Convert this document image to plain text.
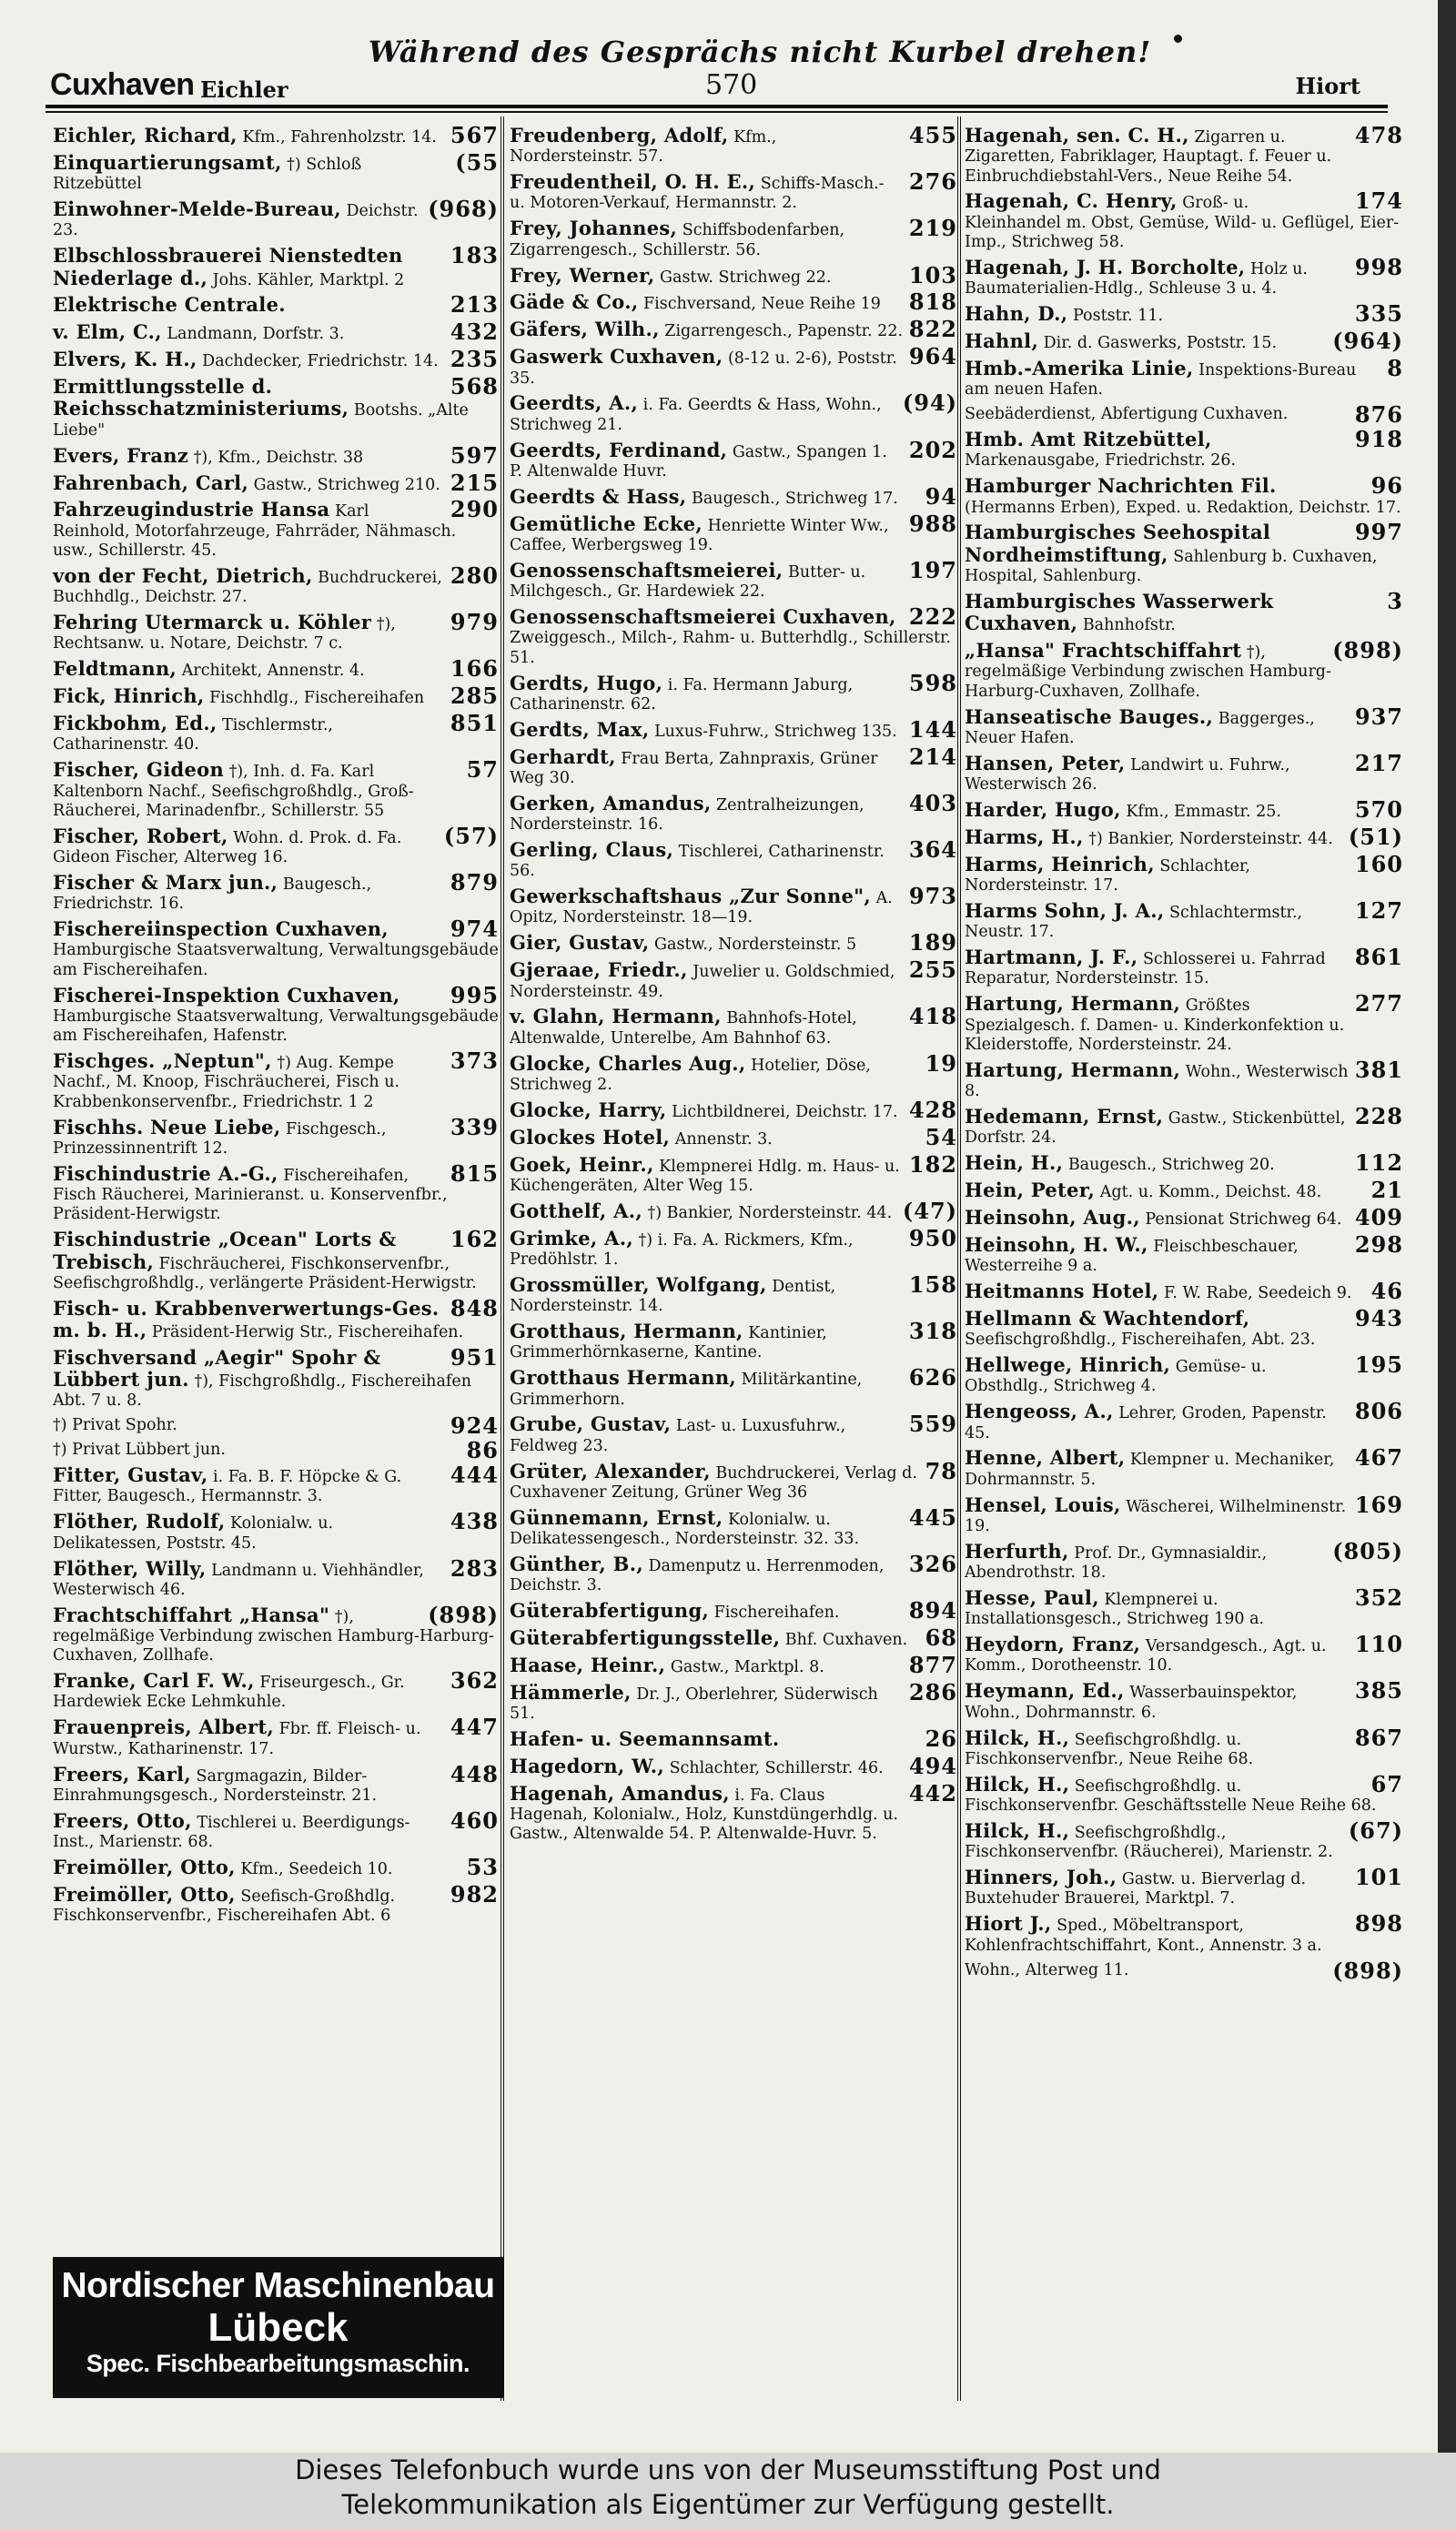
Während des Gesprächs nicht Kurbel drehen!
Cuxhaven Eichler	570	Hiort
567
Eichler, Richard, Kfm., Fahrenholzstr. 14.
(55
Einquartierungsamt, †) Schloß Ritzebüttel
(968)
Einwohner-Melde-Bureau, Deichstr. 23.
183
Elbschlossbrauerei Nienstedten Niederlage d., Johs. Kähler, Marktpl. 2
213
Elektrische Centrale.
432
v. Elm, C., Landmann, Dorfstr. 3.
235
Elvers, K. H., Dachdecker, Friedrichstr. 14.
568
Ermittlungsstelle d. Reichsschatzministeriums, Bootshs. „Alte Liebe"
597
Evers, Franz †), Kfm., Deichstr. 38
215
Fahrenbach, Carl, Gastw., Strichweg 210.
290
Fahrzeugindustrie Hansa Karl Reinhold, Motorfahrzeuge, Fahrräder, Nähmasch. usw., Schillerstr. 45.
280
von der Fecht, Dietrich, Buchdruckerei, Buchhdlg., Deichstr. 27.
979
Fehring Utermarck u. Köhler †), Rechtsanw. u. Notare, Deichstr. 7 c.
166
Feldtmann, Architekt, Annenstr. 4.
285
Fick, Hinrich, Fischhdlg., Fischereihafen
851
Fickbohm, Ed., Tischlermstr., Catharinenstr. 40.
57
Fischer, Gideon †), Inh. d. Fa. Karl Kaltenborn Nachf., Seefischgroßhdlg., Groß-Räucherei, Marinadenfbr., Schillerstr. 55
(57)
Fischer, Robert, Wohn. d. Prok. d. Fa. Gideon Fischer, Alterweg 16.
879
Fischer & Marx jun., Baugesch., Friedrichstr. 16.
974
Fischereiinspection Cuxhaven, Hamburgische Staatsverwaltung, Verwaltungsgebäude am Fischereihafen.
995
Fischerei-Inspektion Cuxhaven, Hamburgische Staatsverwaltung, Verwaltungsgebäude am Fischereihafen, Hafenstr.
373
Fischges. „Neptun", †) Aug. Kempe Nachf., M. Knoop, Fischräucherei, Fisch u. Krabbenkonservenfbr., Friedrichstr. 1 2
339
Fischhs. Neue Liebe, Fischgesch., Prinzessinnentrift 12.
815
Fischindustrie A.-G., Fischereihafen, Fisch Räucherei, Marinieranst. u. Konservenfbr., Präsident-Herwigstr.
162
Fischindustrie „Ocean" Lorts & Trebisch, Fischräucherei, Fischkonservenfbr., Seefischgroßhdlg., verlängerte Präsident-Herwigstr.
848
Fisch- u. Krabbenverwertungs-Ges. m. b. H., Präsident-Herwig Str., Fischereihafen.
951
Fischversand „Aegir" Spohr & Lübbert jun. †), Fischgroßhdlg., Fischereihafen Abt. 7 u. 8.
924
†) Privat Spohr.
86
†) Privat Lübbert jun.
444
Fitter, Gustav, i. Fa. B. F. Höpcke & G. Fitter, Baugesch., Hermannstr. 3.
438
Flöther, Rudolf, Kolonialw. u. Delikatessen, Poststr. 45.
283
Flöther, Willy, Landmann u. Viehhändler, Westerwisch 46.
(898)
Frachtschiffahrt „Hansa" †), regelmäßige Verbindung zwischen Hamburg-Harburg-Cuxhaven, Zollhafe.
362
Franke, Carl F. W., Friseurgesch., Gr. Hardewiek Ecke Lehmkuhle.
447
Frauenpreis, Albert, Fbr. ff. Fleisch- u. Wurstw., Katharinenstr. 17.
448
Freers, Karl, Sargmagazin, Bilder-Einrahmungsgesch., Nordersteinstr. 21.
460
Freers, Otto, Tischlerei u. Beerdigungs-Inst., Marienstr. 68.
53
Freimöller, Otto, Kfm., Seedeich 10.
982
Freimöller, Otto, Seefisch-Großhdlg. Fischkonservenfbr., Fischereihafen Abt. 6
455
Freudenberg, Adolf, Kfm., Nordersteinstr. 57.
276
Freudentheil, O. H. E., Schiffs-Masch.- u. Motoren-Verkauf, Hermannstr. 2.
219
Frey, Johannes, Schiffsbodenfarben, Zigarrengesch., Schillerstr. 56.
103
Frey, Werner, Gastw. Strichweg 22.
818
Gäde & Co., Fischversand, Neue Reihe 19
822
Gäfers, Wilh., Zigarrengesch., Papenstr. 22.
964
Gaswerk Cuxhaven, (8-12 u. 2-6), Poststr. 35.
(94)
Geerdts, A., i. Fa. Geerdts & Hass, Wohn., Strichweg 21.
202
Geerdts, Ferdinand, Gastw., Spangen 1. P. Altenwalde Huvr.
94
Geerdts & Hass, Baugesch., Strichweg 17.
988
Gemütliche Ecke, Henriette Winter Ww., Caffee, Werbergsweg 19.
197
Genossenschaftsmeierei, Butter- u. Milchgesch., Gr. Hardewiek 22.
222
Genossenschaftsmeierei Cuxhaven, Zweiggesch., Milch-, Rahm- u. Butterhdlg., Schillerstr. 51.
598
Gerdts, Hugo, i. Fa. Hermann Jaburg, Catharinenstr. 62.
144
Gerdts, Max, Luxus-Fuhrw., Strichweg 135.
214
Gerhardt, Frau Berta, Zahnpraxis, Grüner Weg 30.
403
Gerken, Amandus, Zentralheizungen, Nordersteinstr. 16.
364
Gerling, Claus, Tischlerei, Catharinenstr. 56.
973
Gewerkschaftshaus „Zur Sonne", A. Opitz, Nordersteinstr. 18—19.
189
Gier, Gustav, Gastw., Nordersteinstr. 5
255
Gjeraae, Friedr., Juwelier u. Goldschmied, Nordersteinstr. 49.
418
v. Glahn, Hermann, Bahnhofs-Hotel, Altenwalde, Unterelbe, Am Bahnhof 63.
19
Glocke, Charles Aug., Hotelier, Döse, Strichweg 2.
428
Glocke, Harry, Lichtbildnerei, Deichstr. 17.
54
Glockes Hotel, Annenstr. 3.
182
Goek, Heinr., Klempnerei Hdlg. m. Haus- u. Küchengeräten, Alter Weg 15.
(47)
Gotthelf, A., †) Bankier, Nordersteinstr. 44.
950
Grimke, A., †) i. Fa. A. Rickmers, Kfm., Predöhlstr. 1.
158
Grossmüller, Wolfgang, Dentist, Nordersteinstr. 14.
318
Grotthaus, Hermann, Kantinier, Grimmerhörnkaserne, Kantine.
626
Grotthaus Hermann, Militärkantine, Grimmerhorn.
559
Grube, Gustav, Last- u. Luxusfuhrw., Feldweg 23.
78
Grüter, Alexander, Buchdruckerei, Verlag d. Cuxhavener Zeitung, Grüner Weg 36
445
Günnemann, Ernst, Kolonialw. u. Delikatessengesch., Nordersteinstr. 32. 33.
326
Günther, B., Damenputz u. Herrenmoden, Deichstr. 3.
894
Güterabfertigung, Fischereihafen.
68
Güterabfertigungsstelle, Bhf. Cuxhaven.
877
Haase, Heinr., Gastw., Marktpl. 8.
286
Hämmerle, Dr. J., Oberlehrer, Süderwisch 51.
26
Hafen- u. Seemannsamt.
494
Hagedorn, W., Schlachter, Schillerstr. 46.
442
Hagenah, Amandus, i. Fa. Claus Hagenah, Kolonialw., Holz, Kunstdüngerhdlg. u. Gastw., Altenwalde 54. P. Altenwalde-Huvr. 5.
478
Hagenah, sen. C. H., Zigarren u. Zigaretten, Fabriklager, Hauptagt. f. Feuer u. Einbruchdiebstahl-Vers., Neue Reihe 54.
174
Hagenah, C. Henry, Groß- u. Kleinhandel m. Obst, Gemüse, Wild- u. Geflügel, Eier-Imp., Strichweg 58.
998
Hagenah, J. H. Borcholte, Holz u. Baumaterialien-Hdlg., Schleuse 3 u. 4.
335
Hahn, D., Poststr. 11.
(964)
Hahnl, Dir. d. Gaswerks, Poststr. 15.
8
Hmb.-Amerika Linie, Inspektions-Bureau am neuen Hafen.
876
Seebäderdienst, Abfertigung Cuxhaven.
918
Hmb. Amt Ritzebüttel, Markenausgabe, Friedrichstr. 26.
96
Hamburger Nachrichten Fil. (Hermanns Erben), Exped. u. Redaktion, Deichstr. 17.
997
Hamburgisches Seehospital Nordheimstiftung, Sahlenburg b. Cuxhaven, Hospital, Sahlenburg.
3
Hamburgisches Wasserwerk Cuxhaven, Bahnhofstr.
(898)
„Hansa" Frachtschiffahrt †), regelmäßige Verbindung zwischen Hamburg-Harburg-Cuxhaven, Zollhafe.
937
Hanseatische Bauges., Baggerges., Neuer Hafen.
217
Hansen, Peter, Landwirt u. Fuhrw., Westerwisch 26.
570
Harder, Hugo, Kfm., Emmastr. 25.
(51)
Harms, H., †) Bankier, Nordersteinstr. 44.
160
Harms, Heinrich, Schlachter, Nordersteinstr. 17.
127
Harms Sohn, J. A., Schlachtermstr., Neustr. 17.
861
Hartmann, J. F., Schlosserei u. Fahrrad Reparatur, Nordersteinstr. 15.
277
Hartung, Hermann, Größtes Spezialgesch. f. Damen- u. Kinderkonfektion u. Kleiderstoffe, Nordersteinstr. 24.
381
Hartung, Hermann, Wohn., Westerwisch 8.
228
Hedemann, Ernst, Gastw., Stickenbüttel, Dorfstr. 24.
112
Hein, H., Baugesch., Strichweg 20.
21
Hein, Peter, Agt. u. Komm., Deichst. 48.
409
Heinsohn, Aug., Pensionat Strichweg 64.
298
Heinsohn, H. W., Fleischbeschauer, Westerreihe 9 a.
46
Heitmanns Hotel, F. W. Rabe, Seedeich 9.
943
Hellmann & Wachtendorf, Seefischgroßhdlg., Fischereihafen, Abt. 23.
195
Hellwege, Hinrich, Gemüse- u. Obsthdlg., Strichweg 4.
806
Hengeoss, A., Lehrer, Groden, Papenstr. 45.
467
Henne, Albert, Klempner u. Mechaniker, Dohrmannstr. 5.
169
Hensel, Louis, Wäscherei, Wilhelminenstr. 19.
(805)
Herfurth, Prof. Dr., Gymnasialdir., Abendrothstr. 18.
352
Hesse, Paul, Klempnerei u. Installationsgesch., Strichweg 190 a.
110
Heydorn, Franz, Versandgesch., Agt. u. Komm., Dorotheenstr. 10.
385
Heymann, Ed., Wasserbauinspektor, Wohn., Dohrmannstr. 6.
867
Hilck, H., Seefischgroßhdlg. u. Fischkonservenfbr., Neue Reihe 68.
67
Hilck, H., Seefischgroßhdlg. u. Fischkonservenfbr. Geschäftsstelle Neue Reihe 68.
(67)
Hilck, H., Seefischgroßhdlg., Fischkonservenfbr. (Räucherei), Marienstr. 2.
101
Hinners, Joh., Gastw. u. Bierverlag d. Buxtehuder Brauerei, Marktpl. 7.
898
Hiort J., Sped., Möbeltransport, Kohlenfrachtschiffahrt, Kont., Annenstr. 3 a.
(898)
Wohn., Alterweg 11.
Nordischer Maschinenbau
Lübeck
Spec. Fischbearbeitungsmaschin.
Dieses Telefonbuch wurde uns von der Museumsstiftung Post und
Telekommunikation als Eigentümer zur Verfügung gestellt.
